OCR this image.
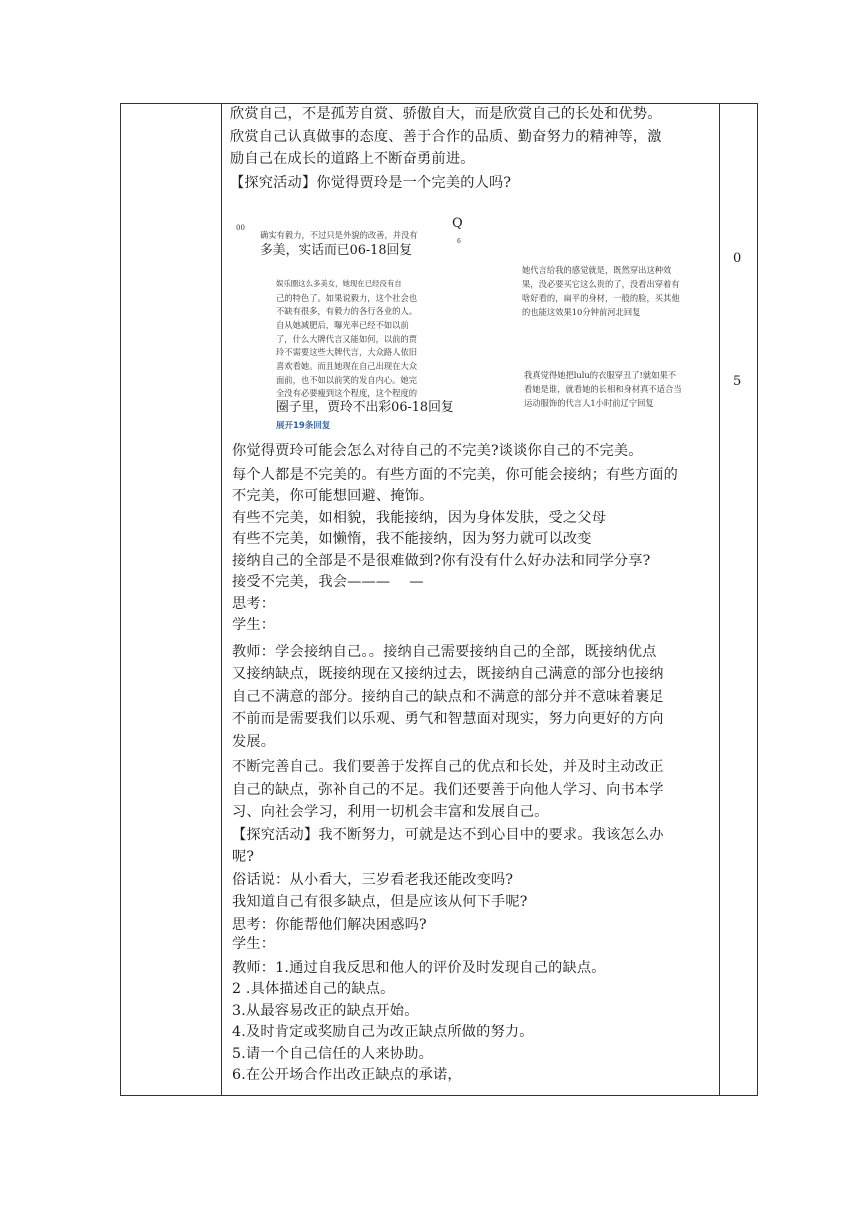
欣赏自己，不是孤芳自赏、骄傲自大，而是欣赏自己的长处和优势。

欣赏自己认真做事的态度、善于合作的品质、勤奋努力的精神等，激

励自己在成长的道路上不断奋勇前进。

【探究活动】你觉得贾玲是一个完美的人吗?

00
确实有毅力，不过只是外貌的改善，并没有
Q
6
多美，实话而已06-18回复
娱乐圈这么多美女，她现在已经没有自
己的特色了。如果说毅力，这个社会也
不缺有很多，有毅力的各行各业的人。
自从她减肥后，曝光率已经不如以前
了，什么大牌代言又能如何，以前的贾
玲不需要这些大牌代言，大众路人依旧
喜欢看她。而且她现在自己出现在大众
面前，也不如以前笑的发自内心。她完
全没有必要瘦到这个程度，这个程度的
圈子里，贾玲不出彩06-18回复
展开19条回复
她代言给我的感觉就是，既然穿出这种效
果，没必要买它这么贵的了，没看出穿着有
啥好看的，扁平的身材，一般的脸，买其他
的也能这效果10分钟前河北回复
我真觉得她把lulu的衣服穿丑了!就如果不
看她是谁，就看她的长相和身材真不适合当
运动服饰的代言人1小时前辽宁回复
0
5

你觉得贾玲可能会怎么对待自己的不完美?谈谈你自己的不完美。

每个人都是不完美的。有些方面的不完美，你可能会接纳；有些方面的

不完美，你可能想回避、掩饰。

有些不完美，如相貌，我能接纳，因为身体发肤，受之父母

有些不完美，如懒惰，我不能接纳，因为努力就可以改变

接纳自己的全部是不是很难做到?你有没有什么好办法和同学分享?

接受不完美，我会———　 —

思考：

学生：

教师：学会接纳自己。。接纳自己需要接纳自己的全部，既接纳优点

又接纳缺点，既接纳现在又接纳过去，既接纳自己满意的部分也接纳

自己不满意的部分。接纳自己的缺点和不满意的部分并不意味着裹足

不前而是需要我们以乐观、勇气和智慧面对现实，努力向更好的方向

发展。

不断完善自己。我们要善于发挥自己的优点和长处，并及时主动改正

自己的缺点，弥补自己的不足。我们还要善于向他人学习、向书本学

习、向社会学习，利用一切机会丰富和发展自己。

【探究活动】我不断努力，可就是达不到心目中的要求。我该怎么办

呢?

俗话说：从小看大，三岁看老我还能改变吗?

我知道自己有很多缺点，但是应该从何下手呢?

思考：你能帮他们解决困惑吗?

学生：

教师：1.通过自我反思和他人的评价及时发现自己的缺点。

2 .具体描述自己的缺点。

3.从最容易改正的缺点开始。

4.及时肯定或奖励自己为改正缺点所做的努力。

5.请一个自己信任的人来协助。

6.在公开场合作出改正缺点的承诺，
